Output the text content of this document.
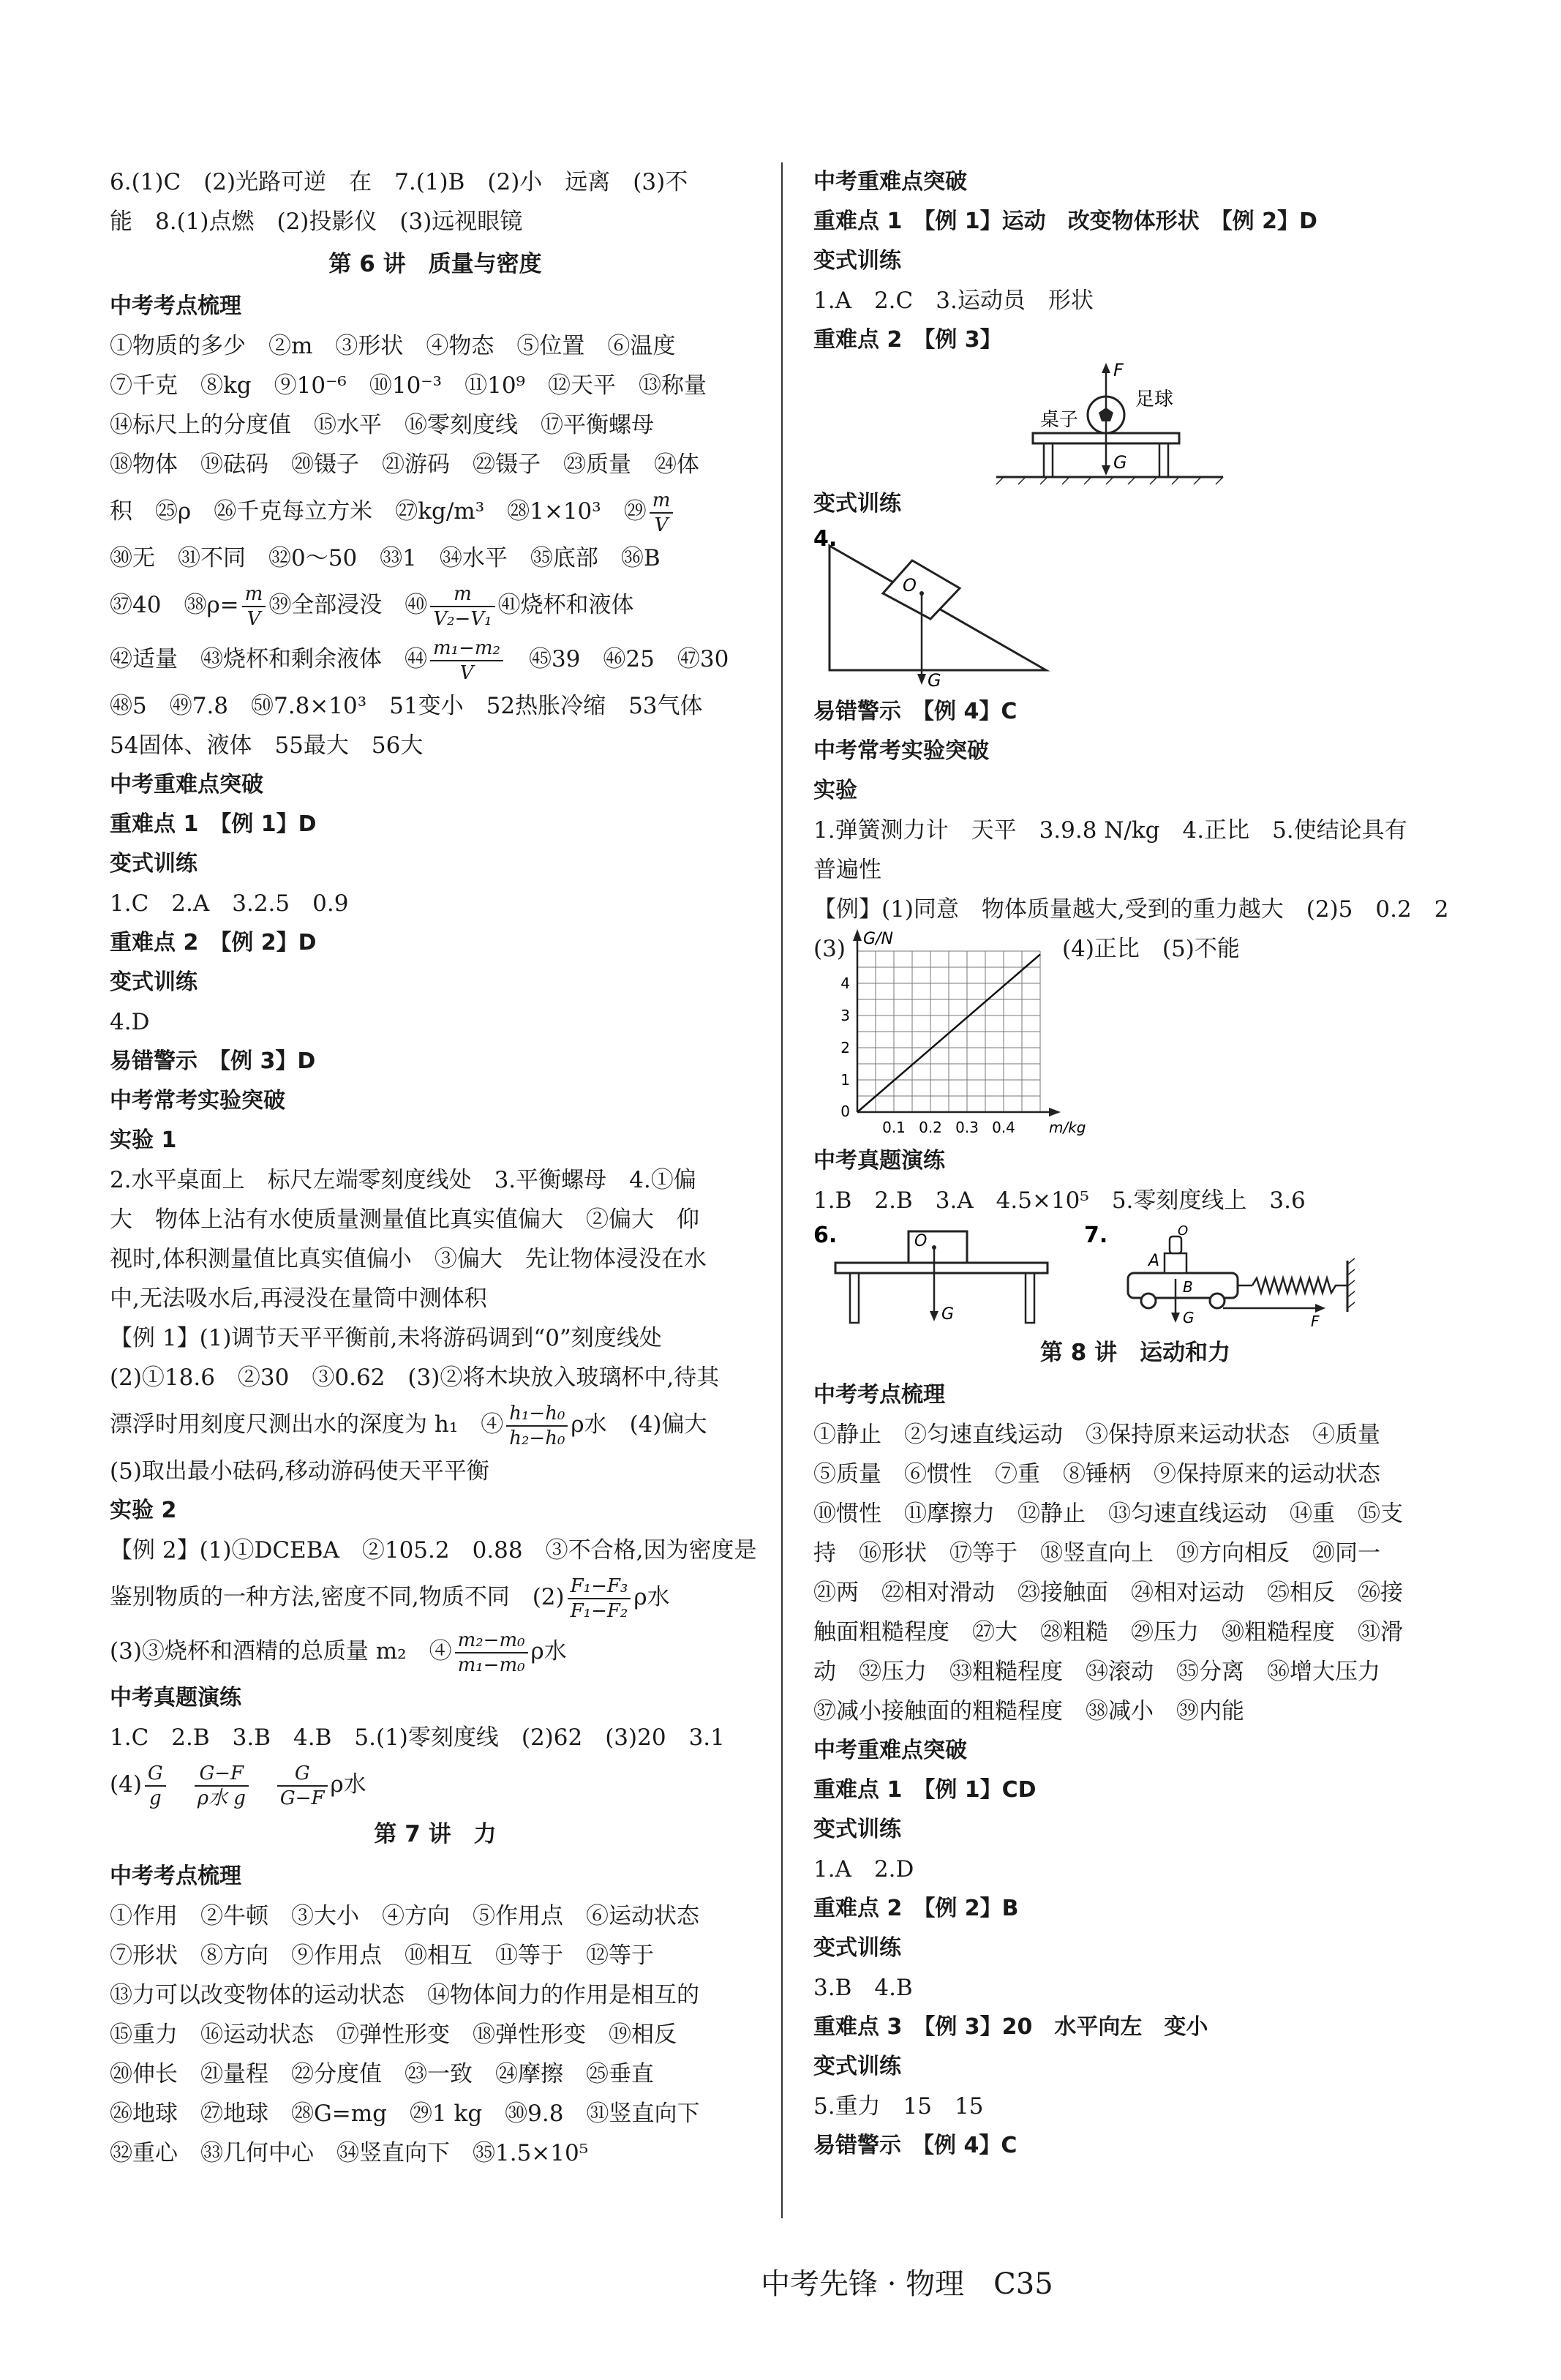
6.(1)C　(2)光路可逆　在　7.(1)B　(2)小　远离　(3)不
能　8.(1)点燃　(2)投影仪　(3)远视眼镜
第 6 讲　质量与密度
中考考点梳理
①物质的多少　②m　③形状　④物态　⑤位置　⑥温度
⑦千克　⑧kg　⑨10⁻⁶　⑩10⁻³　⑪10⁹　⑫天平　⑬称量
⑭标尺上的分度值　⑮水平　⑯零刻度线　⑰平衡螺母
⑱物体　⑲砝码　⑳镊子　㉑游码　㉒镊子　㉓质量　㉔体
积　㉕ρ　㉖千克每立方米　㉗kg/m³　㉘1×10³　㉙ $\frac{m}{V}$
㉚无　㉛不同　㉜0～50　㉝1　㉞水平　㉟底部　㊱B
㊲40　㊳ρ= $\frac{m}{V}$ ㊴全部浸没　㊵ $\frac{m}{\text{V₂−V₁}}$ ㊶烧杯和液体
㊷适量　㊸烧杯和剩余液体　㊹ $\frac{\text{m₁−m₂}}{V}$
　 ㊺39　㊻25　㊼30
㊽5　㊾7.8　㊿7.8×10³　51变小　52热胀冷缩　53气体
54固体、液体　55最大　56大
中考重难点突破
重难点 1　【例 1】D
变式训练
1.C　2.A　3.2.5　0.9
重难点 2　【例 2】D
变式训练
4.D
易错警示　【例 3】D
中考常考实验突破
实验 1
2.水平桌面上　标尺左端零刻度线处　3.平衡螺母　4.①偏
大　物体上沾有水使质量测量值比真实值偏大　②偏大　仰
视时,体积测量值比真实值偏小　③偏大　先让物体浸没在水
中,无法吸水后,再浸没在量筒中测体积
【例 1】(1)调节天平平衡前,未将游码调到“0”刻度线处
(2)①18.6　②30　③0.62　(3)②将木块放入玻璃杯中,待其
漂浮时用刻度尺测出水的深度为 h₁　④ $\frac{\text{h₁−h₀}}{\text{h₂−h₀}}$ ρ水　 (4)偏大
(5)取出最小砝码,移动游码使天平平衡
实验 2
【例 2】(1)①DCEBA　②105.2　0.88　③不合格,因为密度是
鉴别物质的一种方法,密度不同,物质不同　$(2) \frac{\text{F₁−F₃}}{\text{F₁−F₂}}$ ρ水
(3)③烧杯和酒精的总质量 m₂　④ $\frac{\text{m₂−m₀}}{\text{m₁−m₀}}$ ρ水
中考真题演练
1.C　2.B　3.B　4.B　5.(1)零刻度线　(2)62　(3)20　3.1
$(4) \frac{G}{g}$
　 $\frac{G-F}{\text{ρ水 g}}$
　 $\frac{G}{G-F}$ ρ水
第 7 讲　力
中考考点梳理
①作用　②牛顿　③大小　④方向　⑤作用点　⑥运动状态
⑦形状　⑧方向　⑨作用点　⑩相互　⑪等于　⑫等于
⑬力可以改变物体的运动状态　⑭物体间力的作用是相互的
⑮重力　⑯运动状态　⑰弹性形变　⑱弹性形变　⑲相反
⑳伸长　㉑量程　㉒分度值　㉓一致　㉔摩擦　㉕垂直
㉖地球　㉗地球　㉘G=mg　㉙1 kg　㉚9.8　㉛竖直向下
㉜重心　㉝几何中心　㉞竖直向下　㉟1.5×10⁵
中考重难点突破
重难点 1　【例 1】运动　改变物体形状　【例 2】D
变式训练
1.A　2.C　3.运动员　形状
重难点 2　【例 3】
F
足球
桌子
G
变式训练
4.
O
G
易错警示　【例 4】C
中考常考实验突破
实验
1.弹簧测力计　天平　3.9.8 N/kg　4.正比　5.使结论具有
普遍性
【例】(1)同意　物体质量越大,受到的重力越大　(2)5　0.2　2
(3)	(4)正比　(5)不能
0.1 0.2 0.3 0.4
1
2
3
4
0
G/N
m/kg
中考真题演练
1.B　2.B　3.A　4.5×10⁵　5.零刻度线上　3.6
6.	O
G
7.
A
O
B
G	F
第 8 讲　运动和力
中考考点梳理
①静止　②匀速直线运动　③保持原来运动状态　④质量
⑤质量　⑥惯性　⑦重　⑧锤柄　⑨保持原来的运动状态
⑩惯性　⑪摩擦力　⑫静止　⑬匀速直线运动　⑭重　⑮支
持　⑯形状　⑰等于　⑱竖直向上　⑲方向相反　⑳同一
㉑两　㉒相对滑动　㉓接触面　㉔相对运动　㉕相反　㉖接
触面粗糙程度　㉗大　㉘粗糙　㉙压力　㉚粗糙程度　㉛滑
动　㉜压力　㉝粗糙程度　㉞滚动　㉟分离　㊱增大压力
㊲减小接触面的粗糙程度　㊳减小　㊴内能
中考重难点突破
重难点 1　【例 1】CD
变式训练
1.A　2.D
重难点 2　【例 2】B
变式训练
3.B　4.B
重难点 3　【例 3】20　水平向左　变小
变式训练
5.重力　15　15
易错警示　【例 4】C
中考先锋 · 物理　C35
